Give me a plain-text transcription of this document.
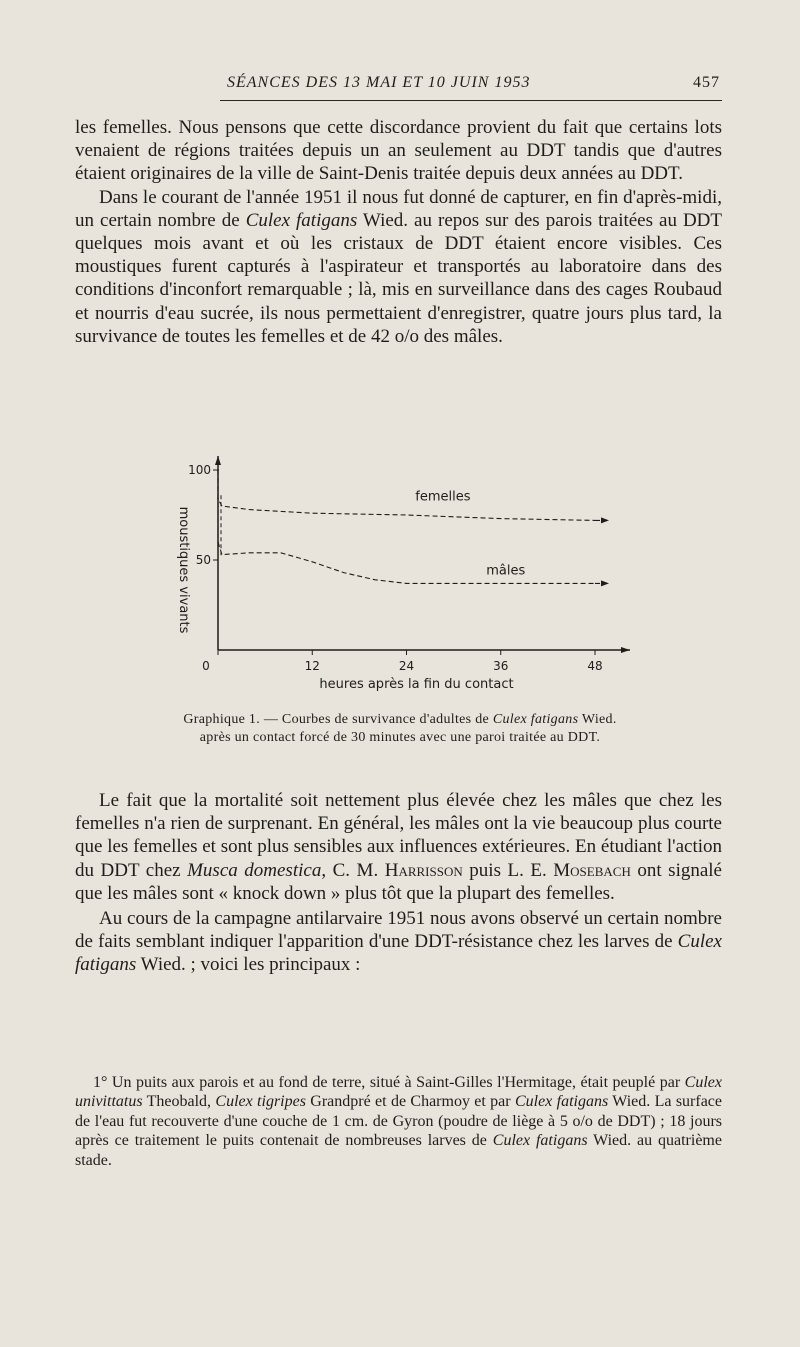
SÉANCES DES 13 MAI ET 10 JUIN 1953	457

les femelles. Nous pensons que cette discordance provient du fait que certains lots venaient de régions traitées depuis un an seulement au DDT tandis que d'autres étaient originaires de la ville de Saint-Denis traitée depuis deux années au DDT.

Dans le courant de l'année 1951 il nous fut donné de capturer, en fin d'après-midi, un certain nombre de Culex fatigans Wied. au repos sur des parois traitées au DDT quelques mois avant et où les cristaux de DDT étaient encore visibles. Ces moustiques furent capturés à l'aspirateur et transportés au laboratoire dans des conditions d'inconfort remarquable ; là, mis en surveillance dans des cages Roubaud et nourris d'eau sucrée, ils nous permettaient d'enregistrer, quatre jours plus tard, la survivance de toutes les femelles et de 42 o/o des mâles.

0	12	24	36	48
100
50
heures après la fin du contact
moustiques vivants
femelles
mâles
Graphique 1. — Courbes de survivance d'adultes de Culex fatigans Wied.
après un contact forcé de 30 minutes avec une paroi traitée au DDT.

Le fait que la mortalité soit nettement plus élevée chez les mâles que chez les femelles n'a rien de surprenant. En général, les mâles ont la vie beaucoup plus courte que les femelles et sont plus sensibles aux influences extérieures. En étudiant l'action du DDT chez Musca domestica, C. M. Harrisson puis L. E. Mosebach ont signalé que les mâles sont « knock down » plus tôt que la plupart des femelles.

Au cours de la campagne antilarvaire 1951 nous avons observé un certain nombre de faits semblant indiquer l'apparition d'une DDT-résistance chez les larves de Culex fatigans Wied. ; voici les principaux :

1° Un puits aux parois et au fond de terre, situé à Saint-Gilles l'Hermitage, était peuplé par Culex univittatus Theobald, Culex tigripes Grandpré et de Charmoy et par Culex fatigans Wied. La surface de l'eau fut recouverte d'une couche de 1 cm. de Gyron (poudre de liège à 5 o/o de DDT) ; 18 jours après ce traitement le puits contenait de nombreuses larves de Culex fatigans Wied. au quatrième stade.
